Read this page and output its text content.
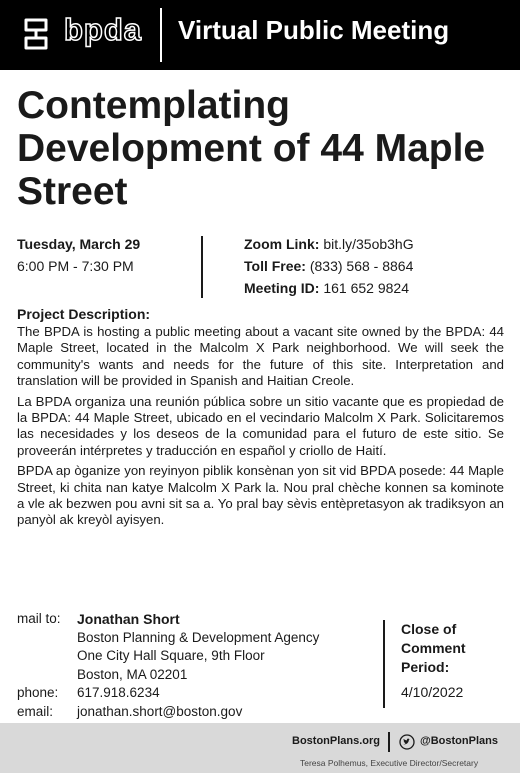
bpda Virtual Public Meeting
Contemplating Development of 44 Maple Street
Tuesday, March 29
6:00 PM - 7:30 PM
Zoom Link: bit.ly/35ob3hG
Toll Free: (833) 568 - 8864
Meeting ID: 161 652 9824
Project Description:

The BPDA is hosting a public meeting about a vacant site owned by the BPDA: 44 Maple Street, located in the Malcolm X Park neighborhood. We will seek the community's wants and needs for the future of this site. Interpretation and translation will be provided in Spanish and Haitian Creole.

La BPDA organiza una reunión pública sobre un sitio vacante que es propiedad de la BPDA: 44 Maple Street, ubicado en el vecindario Malcolm X Park. Solicitaremos las necesidades y los deseos de la comunidad para el futuro de este sitio. Se proveerán intérpretes y traducción en español y criollo de Haití.

BPDA ap òganize yon reyinyon piblik konsènan yon sit vid BPDA posede: 44 Maple Street, ki chita nan katye Malcolm X Park la. Nou pral chèche konnen sa kominote a vle ak bezwen pou avni sit sa a. Yo pral bay sèvis entèpretasyon ak tradiksyon an panyòl ak kreyòl ayisyen.

mail to:	Jonathan Short
Boston Planning & Development Agency
One City Hall Square, 9th Floor
Boston, MA 02201
phone:	617.918.6234
email:	jonathan.short@boston.gov
Close of
Comment
Period:
4/10/2022
BostonPlans.org	@BostonPlans
Teresa Polhemus, Executive Director/Secretary
